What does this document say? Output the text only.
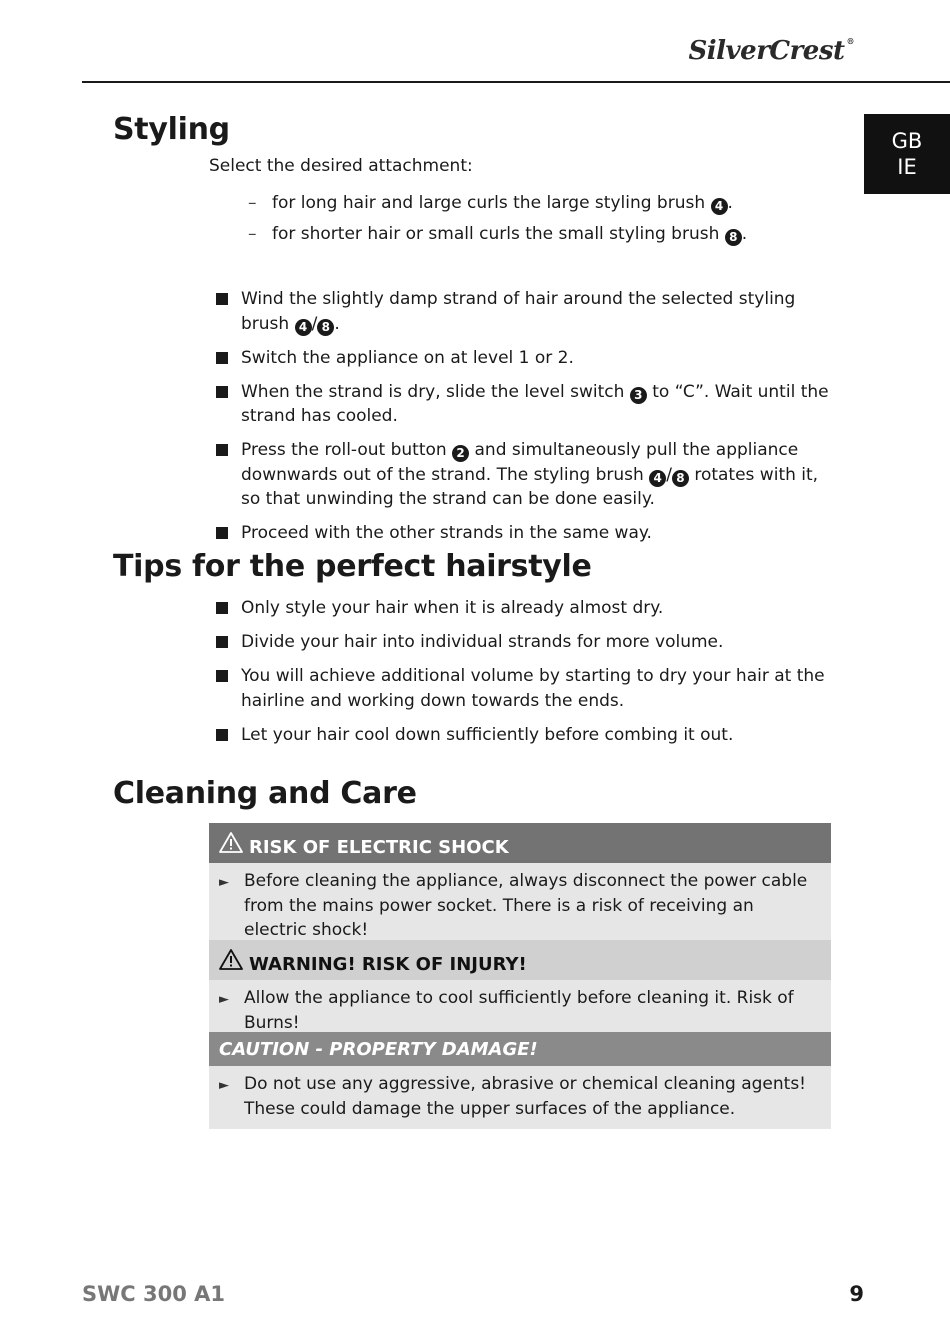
SilverCrest ®
GB
IE
Styling
Select the desired attachment:
– for long hair and large curls the large styling brush 4 .
– for shorter hair or small curls the small styling brush 8 .
Wind the slightly damp strand of hair around the selected styling brush 4 / 8 .
Switch the appliance on at level 1 or 2.
When the strand is dry, slide the level switch 3 to “C”. Wait until the strand has cooled.
Press the roll-out button 2 and simultaneously pull the appliance downwards out of the strand. The styling brush 4 / 8 rotates with it, so that unwinding the strand can be done easily.
Proceed with the other strands in the same way.
Tips for the perfect hairstyle
Only style your hair when it is already almost dry.
Divide your hair into individual strands for more volume.
You will achieve additional volume by starting to dry your hair at the hairline and working down towards the ends.
Let your hair cool down sufficiently before combing it out.
Cleaning and Care
RISK OF ELECTRIC SHOCK
► Before cleaning the appliance, always disconnect the power cable from the mains power socket. There is a risk of receiving an electric shock!
WARNING! RISK OF INJURY!
► Allow the appliance to cool sufficiently before cleaning it. Risk of Burns!
CAUTION - PROPERTY DAMAGE!
► Do not use any aggressive, abrasive or chemical cleaning agents! These could damage the upper surfaces of the appliance.
SWC 300 A1	9
